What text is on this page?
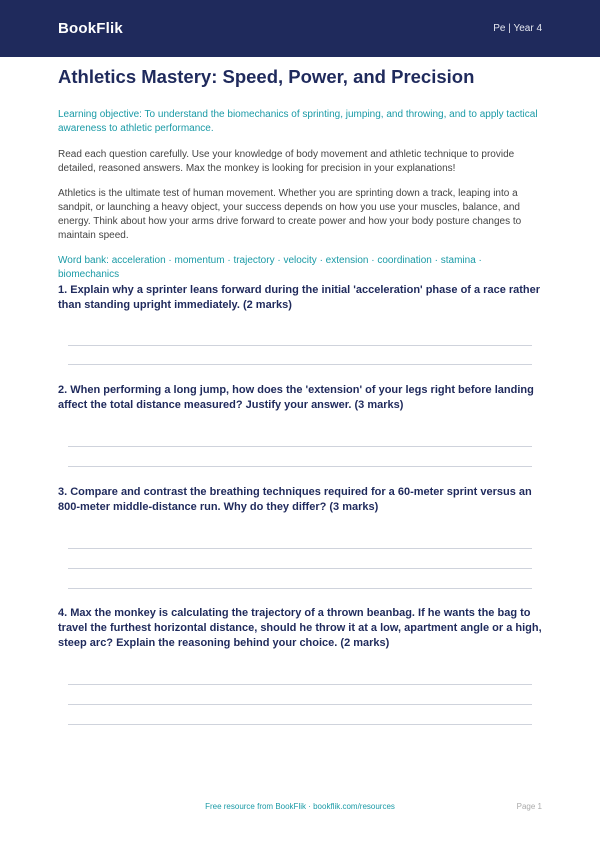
BookFlik	Pe | Year 4
Athletics Mastery: Speed, Power, and Precision

Learning objective: To understand the biomechanics of sprinting, jumping, and throwing, and to apply tactical awareness to athletic performance.

Read each question carefully. Use your knowledge of body movement and athletic technique to provide detailed, reasoned answers. Max the monkey is looking for precision in your explanations!

Athletics is the ultimate test of human movement. Whether you are sprinting down a track, leaping into a sandpit, or launching a heavy object, your success depends on how you use your muscles, balance, and energy. Think about how your arms drive forward to create power and how your body posture changes to maintain speed.

Word bank: acceleration · momentum · trajectory · velocity · extension · coordination · stamina · biomechanics

1. Explain why a sprinter leans forward during the initial 'acceleration' phase of a race rather than standing upright immediately. (2 marks)

2. When performing a long jump, how does the 'extension' of your legs right before landing affect the total distance measured? Justify your answer. (3 marks)

3. Compare and contrast the breathing techniques required for a 60-meter sprint versus an 800-meter middle-distance run. Why do they differ? (3 marks)

4. Max the monkey is calculating the trajectory of a thrown beanbag. If he wants the bag to travel the furthest horizontal distance, should he throw it at a low, apartment angle or a high, steep arc? Explain the reasoning behind your choice. (2 marks)

Free resource from BookFlik · bookflik.com/resources	Page 1
